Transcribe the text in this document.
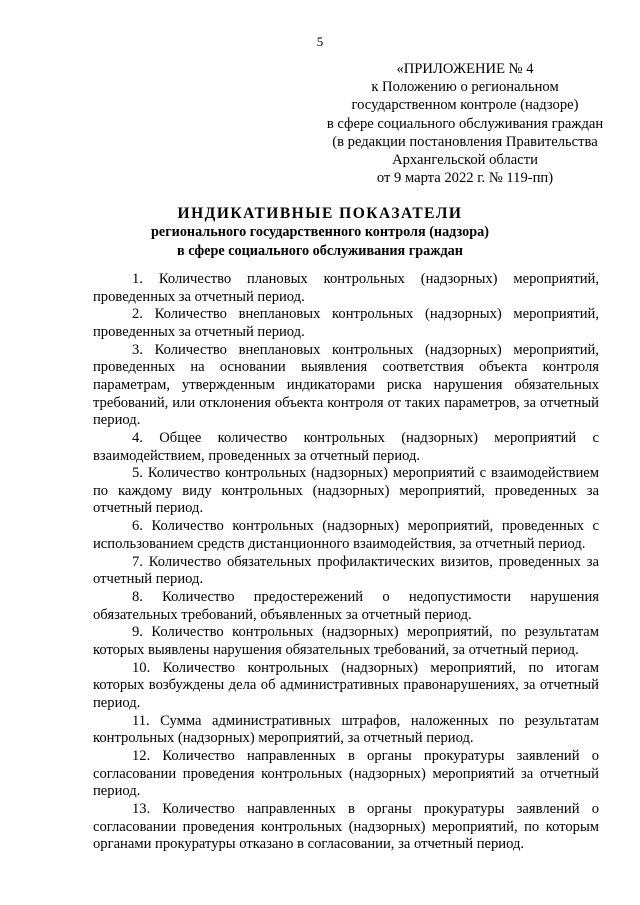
5
«ПРИЛОЖЕНИЕ № 4
к Положению о региональном
государственном контроле (надзоре)
в сфере социального обслуживания граждан
(в редакции постановления Правительства
Архангельской области
от 9 марта 2022 г. № 119-пп)
ИНДИКАТИВНЫЕ ПОКАЗАТЕЛИ
регионального государственного контроля (надзора)
в сфере социального обслуживания граждан

1. Количество плановых контрольных (надзорных) мероприятий, проведенных за отчетный период.

2. Количество внеплановых контрольных (надзорных) мероприятий, проведенных за отчетный период.

3. Количество внеплановых контрольных (надзорных) мероприятий, проведенных на основании выявления соответствия объекта контроля параметрам, утвержденным индикаторами риска нарушения обязательных требований, или отклонения объекта контроля от таких параметров, за отчетный период.

4. Общее количество контрольных (надзорных) мероприятий с взаимодействием, проведенных за отчетный период.

5. Количество контрольных (надзорных) мероприятий с взаимодействием по каждому виду контрольных (надзорных) мероприятий, проведенных за отчетный период.

6. Количество контрольных (надзорных) мероприятий, проведенных с использованием средств дистанционного взаимодействия, за отчетный период.

7. Количество обязательных профилактических визитов, проведенных за отчетный период.

8. Количество предостережений о недопустимости нарушения обязательных требований, объявленных за отчетный период.

9. Количество контрольных (надзорных) мероприятий, по результатам которых выявлены нарушения обязательных требований, за отчетный период.

10. Количество контрольных (надзорных) мероприятий, по итогам которых возбуждены дела об административных правонарушениях, за отчетный период.

11. Сумма административных штрафов, наложенных по результатам контрольных (надзорных) мероприятий, за отчетный период.

12. Количество направленных в органы прокуратуры заявлений о согласовании проведения контрольных (надзорных) мероприятий за отчетный период.

13. Количество направленных в органы прокуратуры заявлений о согласовании проведения контрольных (надзорных) мероприятий, по которым органами прокуратуры отказано в согласовании, за отчетный период.
